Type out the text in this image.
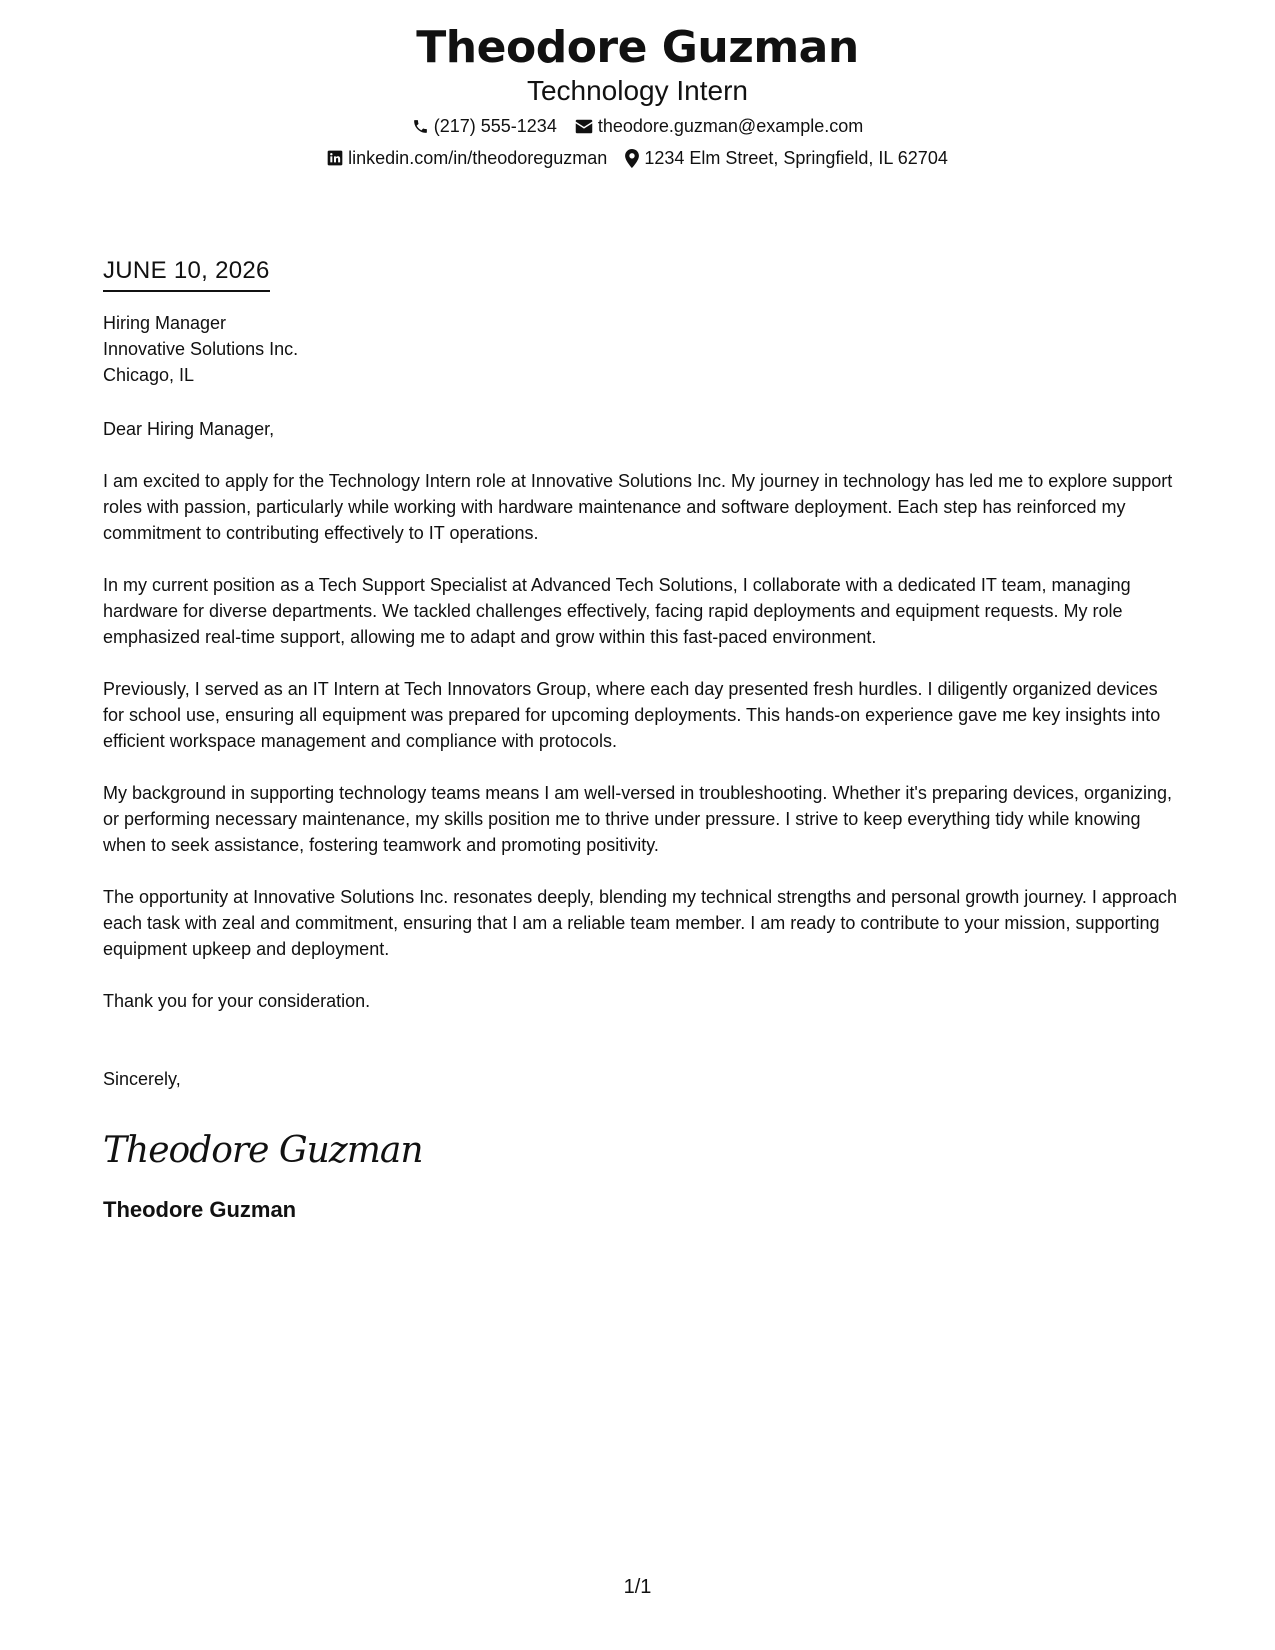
Theodore Guzman
Technology Intern
(217) 555-1234 theodore.guzman@example.com
linkedin.com/in/theodoreguzman 1234 Elm Street, Springfield, IL 62704
JUNE 10, 2026
Hiring Manager
Innovative Solutions Inc.
Chicago, IL
Dear Hiring Manager,
I am excited to apply for the Technology Intern role at Innovative Solutions Inc. My journey in technology has led me to explore support roles with passion, particularly while working with hardware maintenance and software deployment. Each step has reinforced my commitment to contributing effectively to IT operations.
In my current position as a Tech Support Specialist at Advanced Tech Solutions, I collaborate with a dedicated IT team, managing hardware for diverse departments. We tackled challenges effectively, facing rapid deployments and equipment requests. My role emphasized real-time support, allowing me to adapt and grow within this fast-paced environment.
Previously, I served as an IT Intern at Tech Innovators Group, where each day presented fresh hurdles. I diligently organized devices for school use, ensuring all equipment was prepared for upcoming deployments. This hands-on experience gave me key insights into efficient workspace management and compliance with protocols.
My background in supporting technology teams means I am well-versed in troubleshooting. Whether it's preparing devices, organizing, or performing necessary maintenance, my skills position me to thrive under pressure. I strive to keep everything tidy while knowing when to seek assistance, fostering teamwork and promoting positivity.
The opportunity at Innovative Solutions Inc. resonates deeply, blending my technical strengths and personal growth journey. I approach each task with zeal and commitment, ensuring that I am a reliable team member. I am ready to contribute to your mission, supporting equipment upkeep and deployment.
Thank you for your consideration.
Sincerely,
Theodore Guzman
Theodore Guzman
1/1
